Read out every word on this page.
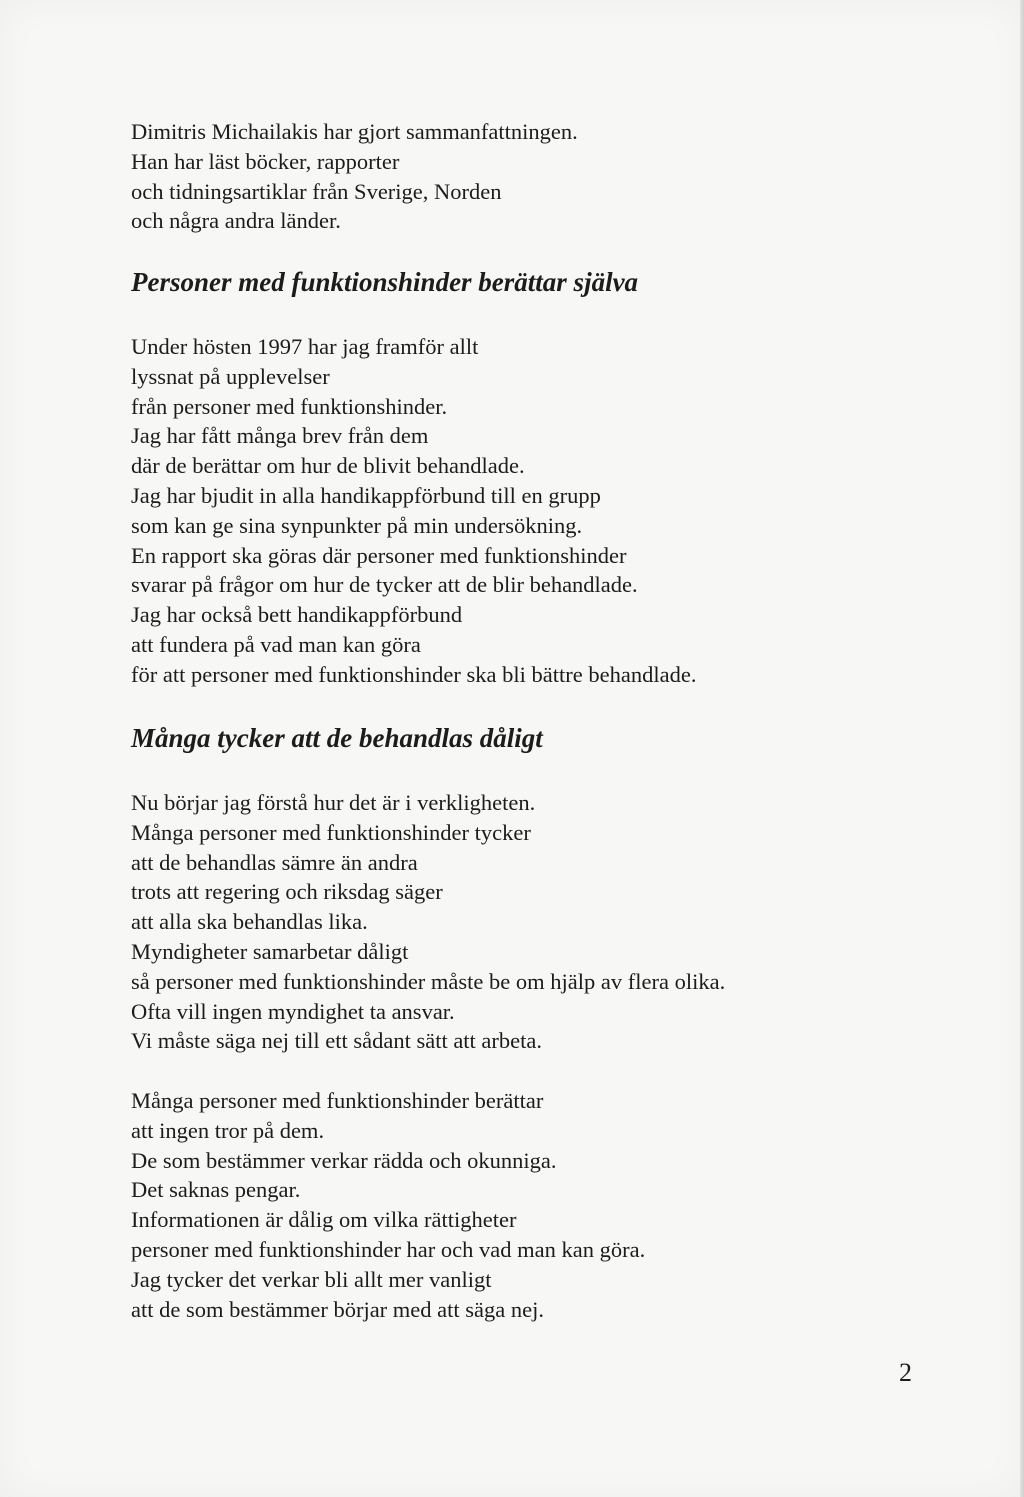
Dimitris Michailakis har gjort sammanfattningen.
Han har läst böcker, rapporter
och tidningsartiklar från Sverige, Norden
och några andra länder.
Personer med funktionshinder berättar själva
Under hösten 1997 har jag framför allt
lyssnat på upplevelser
från personer med funktionshinder.
Jag har fått många brev från dem
där de berättar om hur de blivit behandlade.
Jag har bjudit in alla handikappförbund till en grupp
som kan ge sina synpunkter på min undersökning.
En rapport ska göras där personer med funktionshinder
svarar på frågor om hur de tycker att de blir behandlade.
Jag har också bett handikappförbund
att fundera på vad man kan göra
för att personer med funktionshinder ska bli bättre behandlade.
Många tycker att de behandlas dåligt
Nu börjar jag förstå hur det är i verkligheten.
Många personer med funktionshinder tycker
att de behandlas sämre än andra
trots att regering och riksdag säger
att alla ska behandlas lika.
Myndigheter samarbetar dåligt
så personer med funktionshinder måste be om hjälp av flera olika.
Ofta vill ingen myndighet ta ansvar.
Vi måste säga nej till ett sådant sätt att arbeta.
Många personer med funktionshinder berättar
att ingen tror på dem.
De som bestämmer verkar rädda och okunniga.
Det saknas pengar.
Informationen är dålig om vilka rättigheter
personer med funktionshinder har och vad man kan göra.
Jag tycker det verkar bli allt mer vanligt
att de som bestämmer börjar med att säga nej.
2
